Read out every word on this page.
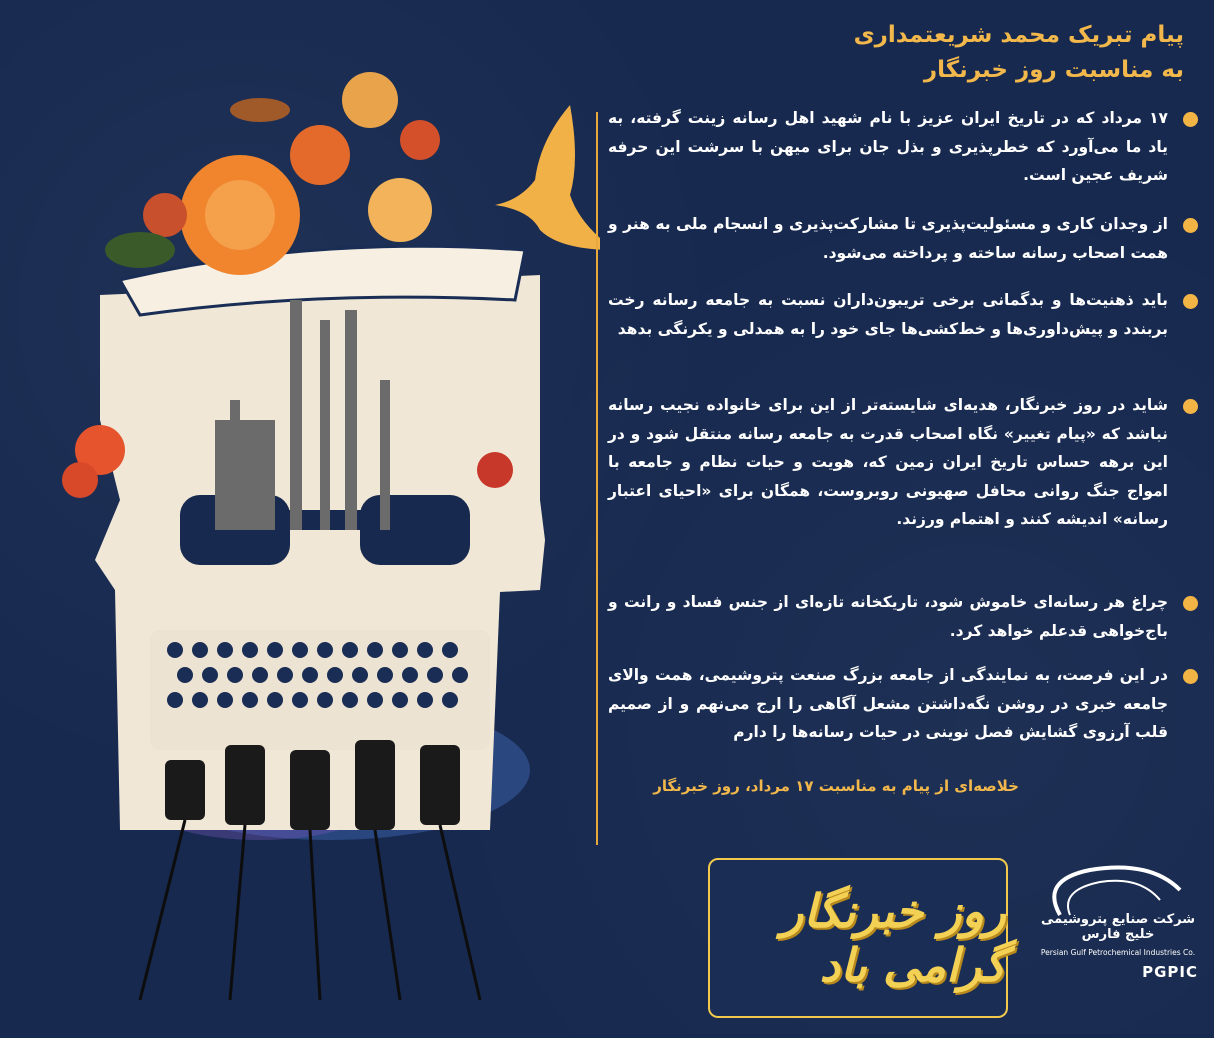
پیام تبریک محمد شریعتمداری
به مناسبت روز خبرنگار
۱۷ مرداد که در تاریخ ایران عزیز با نام شهید اهل رسانه زینت گرفته، به یاد ما می‌آورد که خطرپذیری و بذل جان برای میهن با سرشت این حرفه شریف عجین است.
از وجدان کاری و مسئولیت‌پذیری تا مشارکت‌پذیری و انسجام ملی به هنر و همت اصحاب رسانه ساخته و پرداخته می‌شود.
باید ذهنیت‌ها و بدگمانی برخی تریبون‌داران نسبت به جامعه رسانه رخت بربندد و پیش‌داوری‌ها و خط‌کشی‌ها جای خود را به همدلی و یکرنگی بدهد
شاید در روز خبرنگار، هدیه‌ای شایسته‌تر از این برای خانواده نجیب رسانه نباشد که «پیام تغییر» نگاه اصحاب قدرت به جامعه رسانه منتقل شود و در این برهه حساس تاریخ ایران زمین که، هویت و حیات نظام و جامعه با امواج جنگ روانی محافل صهیونی روبروست، همگان برای «احیای اعتبار رسانه» اندیشه کنند و اهتمام ورزند.
چراغ هر رسانه‌ای خاموش شود، تاریکخانه تازه‌ای از جنس فساد و رانت و باج‌خواهی قدعلم خواهد کرد.
در این فرصت، به نمایندگی از جامعه بزرگ صنعت پتروشیمی، همت والای جامعه خبری در روشن نگه‌داشتن مشعل آگاهی را ارج می‌نهم و از صمیم قلب آرزوی گشایش فصل نوینی در حیات رسانه‌ها را دارم
خلاصه‌ای از پیام به مناسبت ۱۷ مرداد، روز خبرنگار
روز خبرنگار گرامی باد
شرکت صنایع پتروشیمی خلیج فارس
Persian Gulf Petrochemical Industries Co.
PGPIC
